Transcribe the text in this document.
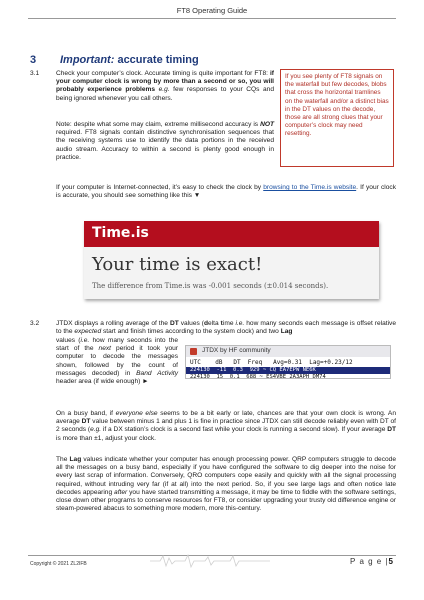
FT8 Operating Guide
3 Important: accurate timing
3.1	Check your computer’s clock. Accurate timing is quite important for FT8: if your computer clock is wrong by more than a second or so, you will probably experience problems e.g. few responses to your CQs and being ignored whenever you call others.
Note: despite what some may claim, extreme millisecond accuracy is NOT required. FT8 signals contain distinctive synchronisation sequences that the receiving systems use to identify the data portions in the received audio stream. Accuracy to within a second is plenty good enough in practice.
If you see plenty of FT8 signals on the waterfall but few decodes, blobs that cross the horizontal tramlines on the waterfall and/or a distinct bias in the DT values on the decode, those are all strong clues that your computer’s clock may need resetting.
If your computer is Internet-connected, it’s easy to check the clock by browsing to the Time.is website. If your clock is accurate, you should see something like this ▼
Time.is
Your time is exact!
The difference from Time.is was -0.001 seconds (±0.014 seconds).
3.2	JTDX displays a rolling average of the DT values (delta time i.e. how many seconds each message is offset relative to the expected start and finish times according to the system clock) and two Lag
values (i.e. how many seconds into the start of the next period it took your computer to decode the messages shown, followed by the count of messages decoded) in Band Activity header area (if wide enough) ►
JTDX by HF community
UTC    dB   DT  Freq   Avg=0.31  Lag=+0.23/12
224130  -11  0.3  929 ~ CQ EA7EPW NE6K
224130  15  0.1  688 ~ ES4VBE 2A3APH DM74
On a busy band, if everyone else seems to be a bit early or late, chances are that your own clock is wrong. An average DT value between minus 1 and plus 1 is fine in practice since JTDX can still decode reliably even with DT of 2 seconds (e.g. if a DX station’s clock is a second fast while your clock is running a second slow). If your average DT is more than ±1, adjust your clock.
The Lag values indicate whether your computer has enough processing power. QRP computers struggle to decode all the messages on a busy band, especially if you have configured the software to dig deeper into the noise for every last scrap of information. Conversely, QRO computers cope easily and quickly with all the signal processing required, without intruding very far (if at all) into the next period. So, if you see large lags and often notice late decodes appearing after you have started transmitting a message, it may be time to fiddle with the software settings, close down other programs to conserve resources for FT8, or consider upgrading your trusty old difference engine or steam-powered abacus to something more modern, more this-century.
Copyright © 2021 ZL2IFB	P a g e |5
